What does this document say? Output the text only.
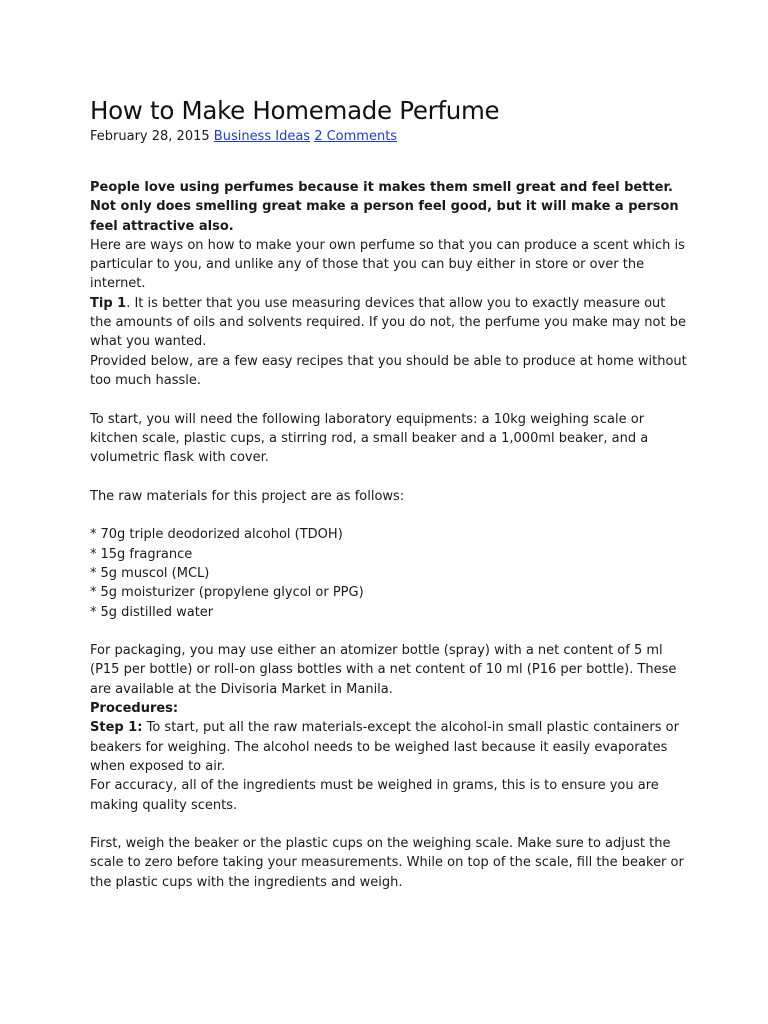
How to Make Homemade Perfume
February 28, 2015 Business Ideas 2 Comments

People love using perfumes because it makes them smell great and feel better. Not only does smelling great make a person feel good, but it will make a person feel attractive also.

Here are ways on how to make your own perfume so that you can produce a scent which is particular to you, and unlike any of those that you can buy either in store or over the internet.

Tip 1. It is better that you use measuring devices that allow you to exactly measure out the amounts of oils and solvents required. If you do not, the perfume you make may not be what you wanted.

Provided below, are a few easy recipes that you should be able to produce at home without too much hassle.

To start, you will need the following laboratory equipments: a 10kg weighing scale or kitchen scale, plastic cups, a stirring rod, a small beaker and a 1,000ml beaker, and a volumetric flask with cover.

The raw materials for this project are as follows:

* 70g triple deodorized alcohol (TDOH)
* 15g fragrance
* 5g muscol (MCL)
* 5g moisturizer (propylene glycol or PPG)
* 5g distilled water

For packaging, you may use either an atomizer bottle (spray) with a net content of 5 ml (P15 per bottle) or roll-on glass bottles with a net content of 10 ml (P16 per bottle). These are available at the Divisoria Market in Manila.

Procedures:

Step 1: To start, put all the raw materials-except the alcohol-in small plastic containers or beakers for weighing. The alcohol needs to be weighed last because it easily evaporates when exposed to air.

For accuracy, all of the ingredients must be weighed in grams, this is to ensure you are making quality scents.

First, weigh the beaker or the plastic cups on the weighing scale. Make sure to adjust the scale to zero before taking your measurements. While on top of the scale, fill the beaker or the plastic cups with the ingredients and weigh.
